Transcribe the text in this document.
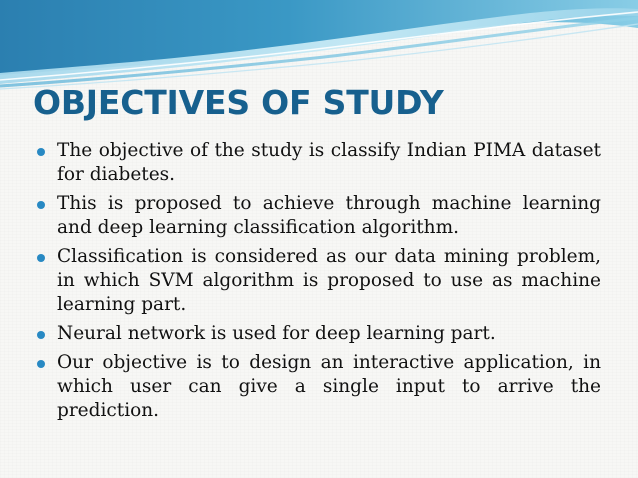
OBJECTIVES OF STUDY
The objective of the study is classify Indian PIMA dataset for diabetes.
This is proposed to achieve through machine learning and deep learning classification algorithm.
Classification is considered as our data mining problem, in which SVM algorithm is proposed to use as machine learning part.
Neural network is used for deep learning part.
Our objective is to design an interactive application, in which user can give a single input to arrive the prediction.
